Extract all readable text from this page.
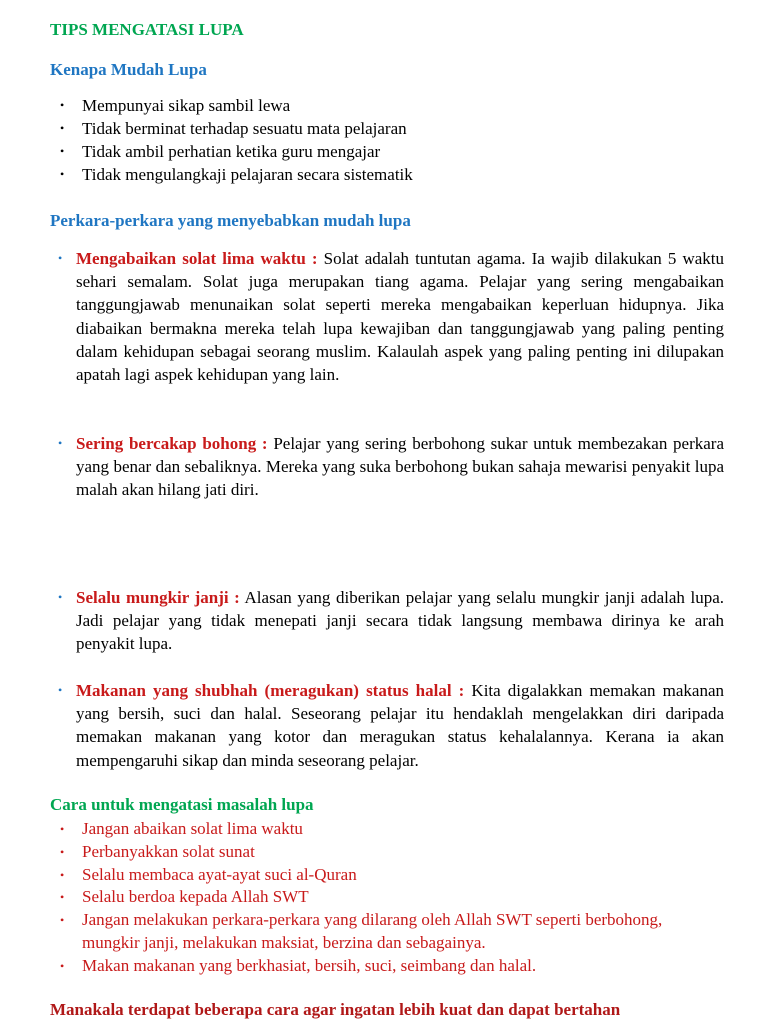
TIPS MENGATASI LUPA
Kenapa Mudah Lupa
• Mempunyai sikap sambil lewa
• Tidak berminat terhadap sesuatu mata pelajaran
• Tidak ambil perhatian ketika guru mengajar
• Tidak mengulangkaji pelajaran secara sistematik
Perkara-perkara yang menyebabkan mudah lupa
• Mengabaikan solat lima waktu : Solat adalah tuntutan agama. Ia wajib dilakukan 5 waktu sehari semalam. Solat juga merupakan tiang agama. Pelajar yang sering mengabaikan tanggungjawab menunaikan solat seperti mereka mengabaikan keperluan hidupnya. Jika diabaikan bermakna mereka telah lupa kewajiban dan tanggungjawab yang paling penting dalam kehidupan sebagai seorang muslim. Kalaulah aspek yang paling penting ini dilupakan apatah lagi aspek kehidupan yang lain.
• Sering bercakap bohong : Pelajar yang sering berbohong sukar untuk membezakan perkara yang benar dan sebaliknya. Mereka yang suka berbohong bukan sahaja mewarisi penyakit lupa malah akan hilang jati diri.
• Selalu mungkir janji : Alasan yang diberikan pelajar yang selalu mungkir janji adalah lupa. Jadi pelajar yang tidak menepati janji secara tidak langsung membawa dirinya ke arah penyakit lupa.
• Makanan yang shubhah (meragukan) status halal : Kita digalakkan memakan makanan yang bersih, suci dan halal. Seseorang pelajar itu hendaklah mengelakkan diri daripada memakan makanan yang kotor dan meragukan status kehalalannya. Kerana ia akan mempengaruhi sikap dan minda seseorang pelajar.
Cara untuk mengatasi masalah lupa
• Jangan abaikan solat lima waktu
• Perbanyakkan solat sunat
• Selalu membaca ayat-ayat suci al-Quran
• Selalu berdoa kepada Allah SWT
• Jangan melakukan perkara-perkara yang dilarang oleh Allah SWT seperti berbohong, mungkir janji, melakukan maksiat, berzina dan sebagainya.
• Makan makanan yang berkhasiat, bersih, suci, seimbang dan halal.
Manakala terdapat beberapa cara agar ingatan lebih kuat dan dapat bertahan
